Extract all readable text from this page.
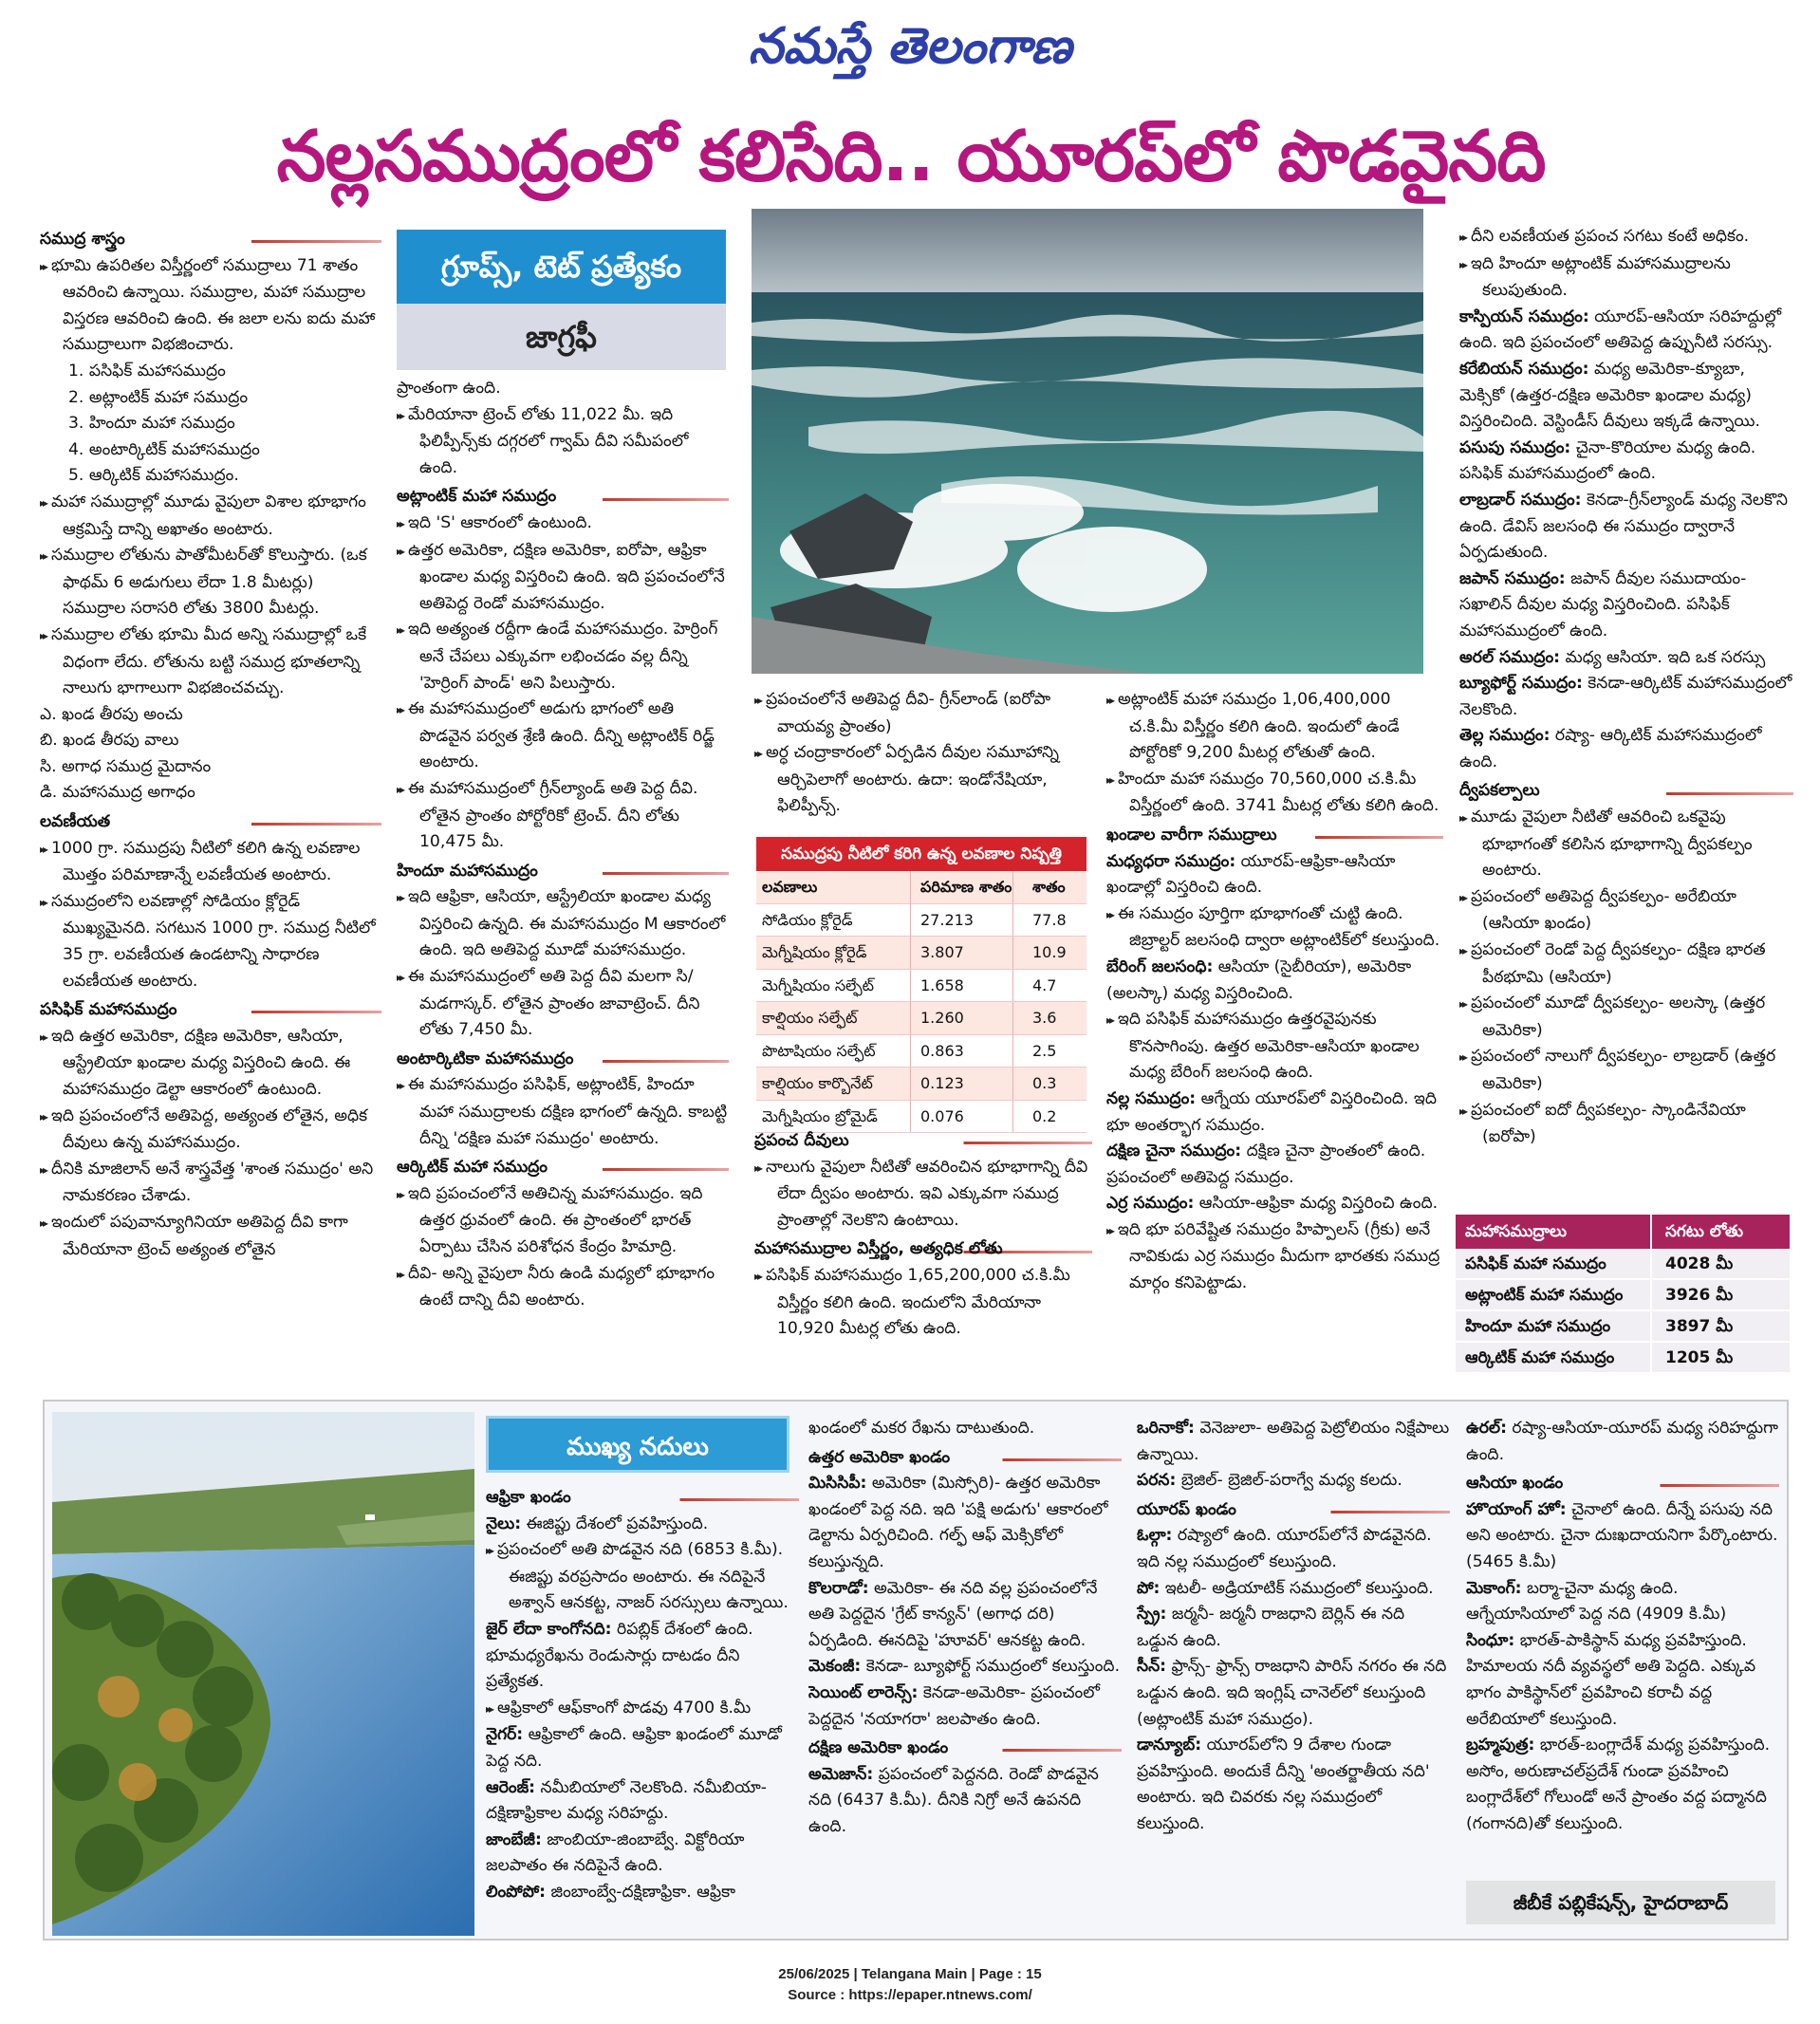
నమస్తే తెలంగాణ
నల్లసముద్రంలో కలిసేది.. యూరప్‌లో పొడవైనది
సముద్ర శాస్త్రం
▸▸ భూమి ఉపరితల విస్తీర్ణంలో సముద్రాలు 71 శాతం ఆవరించి ఉన్నాయి. సముద్రాల, మహా సముద్రాల విస్తరణ ఆవరించి ఉంది. ఈ జలా లను ఐదు మహా సముద్రాలుగా విభజించారు.
1. పసిఫిక్ మహాసముద్రం
2. అట్లాంటిక్ మహా సముద్రం
3. హిందూ మహా సముద్రం
4. అంటార్కిటిక్ మహాసముద్రం
5. ఆర్కిటిక్ మహాసముద్రం.
▸▸ మహా సముద్రాల్లో మూడు వైపులా విశాల భూభాగం ఆక్రమిస్తే దాన్ని అఖాతం అంటారు.
▸▸ సముద్రాల లోతును పాతోమీటర్‌తో కొలుస్తారు. (ఒక ఫాథమ్ 6 అడుగులు లేదా 1.8 మీటర్లు) సముద్రాల సరాసరి లోతు 3800 మీటర్లు.
▸▸ సముద్రాల లోతు భూమి మీద అన్ని సముద్రాల్లో ఒకే విధంగా లేదు. లోతును బట్టి సముద్ర భూతలాన్ని నాలుగు భాగాలుగా విభజించవచ్చు.
ఎ. ఖండ తీరపు అంచు
బి. ఖండ తీరపు వాలు
సి. అగాధ సముద్ర మైదానం
డి. మహాసముద్ర అగాధం
లవణీయత
▸▸ 1000 గ్రా. సముద్రపు నీటిలో కలిగి ఉన్న లవణాల మొత్తం పరిమాణాన్నే లవణీయత అంటారు.
▸▸ సముద్రంలోని లవణాల్లో సోడియం క్లోరైడ్ ముఖ్యమైనది. సగటున 1000 గ్రా. సముద్ర నీటిలో 35 గ్రా. లవణీయత ఉండటాన్ని సాధారణ లవణీయత అంటారు.
పసిఫిక్ మహాసముద్రం
▸▸ ఇది ఉత్తర అమెరికా, దక్షిణ అమెరికా, ఆసియా, ఆస్ట్రేలియా ఖండాల మధ్య విస్తరించి ఉంది. ఈ మహాసముద్రం డెల్టా ఆకారంలో ఉంటుంది.
▸▸ ఇది ప్రపంచంలోనే అతిపెద్ద, అత్యంత లోతైన, అధిక దీవులు ఉన్న మహాసముద్రం.
▸▸ దీనికి మాజిలాన్ అనే శాస్త్రవేత్త 'శాంత సముద్రం' అని నామకరణం చేశాడు.
▸▸ ఇందులో పపువాన్యూగినియా అతిపెద్ద దీవి కాగా మేరియానా ట్రెంచ్ అత్యంత లోతైన
గ్రూప్స్, టెట్ ప్రత్యేకం
జాగ్రఫీ
ప్రాంతంగా ఉంది.
▸▸ మేరియానా ట్రెంచ్ లోతు 11,022 మీ. ఇది ఫిలిప్పీన్స్‌కు దగ్గరలో గ్వామ్ దీవి సమీపంలో ఉంది.
అట్లాంటిక్ మహా సముద్రం
▸▸ ఇది 'S' ఆకారంలో ఉంటుంది.
▸▸ ఉత్తర అమెరికా, దక్షిణ అమెరికా, ఐరోపా, ఆఫ్రికా ఖండాల మధ్య విస్తరించి ఉంది. ఇది ప్రపంచంలోనే అతిపెద్ద రెండో మహాసముద్రం.
▸▸ ఇది అత్యంత రద్దీగా ఉండే మహాసముద్రం. హెర్రింగ్ అనే చేపలు ఎక్కువగా లభించడం వల్ల దీన్ని 'హెర్రింగ్ పాండ్' అని పిలుస్తారు.
▸▸ ఈ మహాసముద్రంలో అడుగు భాగంలో అతి పొడవైన పర్వత శ్రేణి ఉంది. దీన్ని అట్లాంటిక్ రిడ్జ్ అంటారు.
▸▸ ఈ మహాసముద్రంలో గ్రీన్‌ల్యాండ్ అతి పెద్ద దీవి. లోతైన ప్రాంతం పోర్టోరికో ట్రెంచ్. దీని లోతు 10,475 మీ.
హిందూ మహాసముద్రం
▸▸ ఇది ఆఫ్రికా, ఆసియా, ఆస్ట్రేలియా ఖండాల మధ్య విస్తరించి ఉన్నది. ఈ మహాసముద్రం M ఆకారంలో ఉంది. ఇది అతిపెద్ద మూడో మహాసముద్రం.
▸▸ ఈ మహాసముద్రంలో అతి పెద్ద దీవి మలగా సి/మడగాస్కర్. లోతైన ప్రాంతం జావాట్రెంచ్. దీని లోతు 7,450 మీ.
అంటార్కిటికా మహాసముద్రం
▸▸ ఈ మహాసముద్రం పసిఫిక్, అట్లాంటిక్, హిందూ మహా సముద్రాలకు దక్షిణ భాగంలో ఉన్నది. కాబట్టి దీన్ని 'దక్షిణ మహా సముద్రం' అంటారు.
ఆర్కిటిక్ మహా సముద్రం
▸▸ ఇది ప్రపంచంలోనే అతిచిన్న మహాసముద్రం. ఇది ఉత్తర ధ్రువంలో ఉంది. ఈ ప్రాంతంలో భారత్ ఏర్పాటు చేసిన పరిశోధన కేంద్రం హిమాద్రి.
▸▸ దీవి- అన్ని వైపులా నీరు ఉండి మధ్యలో భూభాగం ఉంటే దాన్ని దీవి అంటారు.
▸▸ ప్రపంచంలోనే అతిపెద్ద దీవి- గ్రీన్‌లాండ్ (ఐరోపా వాయవ్య ప్రాంతం)
▸▸ అర్ధ చంద్రాకారంలో ఏర్పడిన దీవుల సమూహాన్ని ఆర్చిపెలాగో అంటారు. ఉదా: ఇండోనేషియా, ఫిలిప్పీన్స్.
సముద్రపు నీటిలో కరిగి ఉన్న లవణాల నిష్పత్తి
లవణాలు	పరిమాణ శాతం	శాతం
సోడియం క్లోరైడ్	27.213	77.8
మెగ్నీషియం క్లోరైడ్	3.807	10.9
మెగ్నీషియం సల్ఫేట్	1.658	4.7
కాల్షియం సల్ఫేట్	1.260	3.6
పొటాషియం సల్ఫేట్	0.863	2.5
కాల్షియం కార్బొనేట్	0.123	0.3
మెగ్నీషియం బ్రోమైడ్	0.076	0.2
ప్రపంచ దీవులు
▸▸ నాలుగు వైపులా నీటితో ఆవరించిన భూభాగాన్ని దీవి లేదా ద్వీపం అంటారు. ఇవి ఎక్కువగా సముద్ర ప్రాంతాల్లో నెలకొని ఉంటాయి.
మహాసముద్రాల విస్తీర్ణం, అత్యధిక లోతు
▸▸ పసిఫిక్ మహాసముద్రం 1,65,200,000 చ.కి.మీ విస్తీర్ణం కలిగి ఉంది. ఇందులోని మేరియానా 10,920 మీటర్ల లోతు ఉంది.
▸▸ అట్లాంటిక్ మహా సముద్రం 1,06,400,000 చ.కి.మీ విస్తీర్ణం కలిగి ఉంది. ఇందులో ఉండే పోర్టోరికో 9,200 మీటర్ల లోతుతో ఉంది.
▸▸ హిందూ మహా సముద్రం 70,560,000 చ.కి.మీ విస్తీర్ణంలో ఉంది. 3741 మీటర్ల లోతు కలిగి ఉంది.
ఖండాల వారీగా సముద్రాలు
మధ్యధరా సముద్రం: యూరప్-ఆఫ్రికా-ఆసియా ఖండాల్లో విస్తరించి ఉంది.
▸▸ ఈ సముద్రం పూర్తిగా భూభాగంతో చుట్టి ఉంది. జిబ్రాల్టర్ జలసంధి ద్వారా అట్లాంటిక్‌లో కలుస్తుంది.
బేరింగ్ జలసంధి: ఆసియా (సైబీరియా), అమెరికా (అలస్కా) మధ్య విస్తరించింది.
▸▸ ఇది పసిఫిక్ మహాసముద్రం ఉత్తరవైపునకు కొనసాగింపు. ఉత్తర అమెరికా-ఆసియా ఖండాల మధ్య బేరింగ్ జలసంధి ఉంది.
నల్ల సముద్రం: ఆగ్నేయ యూరప్‌లో విస్తరించింది. ఇది భూ అంతర్భాగ సముద్రం.
దక్షిణ చైనా సముద్రం: దక్షిణ చైనా ప్రాంతంలో ఉంది. ప్రపంచంలో అతిపెద్ద సముద్రం.
ఎర్ర సముద్రం: ఆసియా-ఆఫ్రికా మధ్య విస్తరించి ఉంది.
▸▸ ఇది భూ పరివేష్టిత సముద్రం హిప్పాలస్ (గ్రీకు) అనే నావికుడు ఎర్ర సముద్రం మీదుగా భారతకు సముద్ర మార్గం కనిపెట్టాడు.
▸▸ దీని లవణీయత ప్రపంచ సగటు కంటే అధికం.
▸▸ ఇది హిందూ అట్లాంటిక్ మహాసముద్రాలను కలుపుతుంది.
కాస్పియన్ సముద్రం: యూరప్-ఆసియా సరిహద్దుల్లో ఉంది. ఇది ప్రపంచంలో అతిపెద్ద ఉప్పునీటి సరస్సు.
కరేబియన్ సముద్రం: మధ్య అమెరికా-క్యూబా, మెక్సికో (ఉత్తర-దక్షిణ అమెరికా ఖండాల మధ్య) విస్తరించింది. వెస్టిండీస్ దీవులు ఇక్కడే ఉన్నాయి.
పసుపు సముద్రం: చైనా-కొరియాల మధ్య ఉంది. పసిఫిక్ మహాసముద్రంలో ఉంది.
లాబ్రడార్ సముద్రం: కెనడా-గ్రీన్‌ల్యాండ్ మధ్య నెలకొని ఉంది. డేవిస్ జలసంధి ఈ సముద్రం ద్వారానే ఏర్పడుతుంది.
జపాన్ సముద్రం: జపాన్ దీవుల సముదాయం-సఖాలిన్ దీవుల మధ్య విస్తరించింది. పసిఫిక్ మహాసముద్రంలో ఉంది.
అరల్ సముద్రం: మధ్య ఆసియా. ఇది ఒక సరస్సు
బ్యూఫోర్ట్ సముద్రం: కెనడా-ఆర్కిటిక్ మహాసముద్రంలో నెలకొంది.
తెల్ల సముద్రం: రష్యా- ఆర్కిటిక్ మహాసముద్రంలో ఉంది.
ద్వీపకల్పాలు
▸▸ మూడు వైపులా నీటితో ఆవరించి ఒకవైపు భూభాగంతో కలిసిన భూభాగాన్ని ద్వీపకల్పం అంటారు.
▸▸ ప్రపంచంలో అతిపెద్ద ద్వీపకల్పం- అరేబియా (ఆసియా ఖండం)
▸▸ ప్రపంచంలో రెండో పెద్ద ద్వీపకల్పం- దక్షిణ భారత పీఠభూమి (ఆసియా)
▸▸ ప్రపంచంలో మూడో ద్వీపకల్పం- అలస్కా (ఉత్తర అమెరికా)
▸▸ ప్రపంచంలో నాలుగో ద్వీపకల్పం- లాబ్రడార్ (ఉత్తర అమెరికా)
▸▸ ప్రపంచంలో ఐదో ద్వీపకల్పం- స్కాండినేవియా (ఐరోపా)
మహాసముద్రాలు	సగటు లోతు
పసిఫిక్ మహా సముద్రం	4028 మీ
అట్లాంటిక్ మహా సముద్రం	3926 మీ
హిందూ మహా సముద్రం	3897 మీ
ఆర్కిటిక్ మహా సముద్రం	1205 మీ
ముఖ్య నదులు
ఆఫ్రికా ఖండం
నైలు: ఈజిప్టు దేశంలో ప్రవహిస్తుంది.
▸▸ ప్రపంచంలో అతి పొడవైన నది (6853 కి.మీ). ఈజిప్టు వరప్రసాదం అంటారు. ఈ నదిపైనే అశ్వాన్ ఆనకట్ట, నాజర్ సరస్సులు ఉన్నాయి.
జైర్ లేదా కాంగోనది: రిపబ్లిక్ దేశంలో ఉంది. భూమధ్యరేఖను రెండుసార్లు దాటడం దీని ప్రత్యేకత.
▸▸ ఆఫ్రికాలో ఆఫ్‌కాంగో పొడవు 4700 కి.మీ
నైగర్: ఆఫ్రికాలో ఉంది. ఆఫ్రికా ఖండంలో మూడో పెద్ద నది.
ఆరెంజ్: నమీబియాలో నెలకొంది. నమీబియా-దక్షిణాఫ్రికాల మధ్య సరిహద్దు.
జాంబేజీ: జాంబియా-జింబాబ్వే. విక్టోరియా జలపాతం ఈ నదిపైనే ఉంది.
లింపోపో: జింబాంబ్వే-దక్షిణాఫ్రికా. ఆఫ్రికా
ఖండంలో మకర రేఖను దాటుతుంది.
ఉత్తర అమెరికా ఖండం
మిసిసిపీ: అమెరికా (మిస్సోరి)- ఉత్తర అమెరికా ఖండంలో పెద్ద నది. ఇది 'పక్షి అడుగు' ఆకారంలో డెల్టాను ఏర్పరిచింది. గల్ఫ్ ఆఫ్ మెక్సికోలో కలుస్తున్నది.
కొలరాడో: అమెరికా- ఈ నది వల్ల ప్రపంచంలోనే అతి పెద్దదైన 'గ్రేట్ కాన్యన్' (అగాధ దరి) ఏర్పడింది. ఈనదిపై 'హూవర్' ఆనకట్ట ఉంది.
మెకంజీ: కెనడా- బ్యూఫోర్ట్ సముద్రంలో కలుస్తుంది.
సెయింట్ లారెన్స్: కెనడా-అమెరికా- ప్రపంచంలో పెద్దదైన 'నయాగరా' జలపాతం ఉంది.
దక్షిణ అమెరికా ఖండం
అమెజాన్: ప్రపంచంలో పెద్దనది. రెండో పొడవైన నది (6437 కి.మీ). దీనికి నిగ్రో అనే ఉపనది ఉంది.
ఒరినాకో: వెనెజులా- అతిపెద్ద పెట్రోలియం నిక్షేపాలు ఉన్నాయి.
పరన: బ్రెజిల్- బ్రెజిల్-పరాగ్వే మధ్య కలదు.
యూరప్ ఖండం
ఓల్గా: రష్యాలో ఉంది. యూరప్‌లోనే పొడవైనది. ఇది నల్ల సముద్రంలో కలుస్తుంది.
పో: ఇటలీ- అడ్రియాటిక్ సముద్రంలో కలుస్తుంది.
స్ప్రే: జర్మనీ- జర్మనీ రాజధాని బెర్లిన్ ఈ నది ఒడ్డున ఉంది.
సీన్: ఫ్రాన్స్- ఫ్రాన్స్ రాజధాని పారిస్ నగరం ఈ నది ఒడ్డున ఉంది. ఇది ఇంగ్లిష్ చానెల్‌లో కలుస్తుంది (అట్లాంటిక్ మహా సముద్రం).
డాన్యూబ్: యూరప్‌లోని 9 దేశాల గుండా ప్రవహిస్తుంది. అందుకే దీన్ని 'అంతర్జాతీయ నది' అంటారు. ఇది చివరకు నల్ల సముద్రంలో కలుస్తుంది.
ఉరల్: రష్యా-ఆసియా-యూరప్ మధ్య సరిహద్దుగా ఉంది.
ఆసియా ఖండం
హొయాంగ్ హో: చైనాలో ఉంది. దీన్నే పసుపు నది అని అంటారు. చైనా దుఃఖదాయనిగా పేర్కొంటారు. (5465 కి.మీ)
మెకాంగ్: బర్మా-చైనా మధ్య ఉంది. ఆగ్నేయాసియాలో పెద్ద నది (4909 కి.మీ)
సింధూ: భారత్-పాకిస్థాన్ మధ్య ప్రవహిస్తుంది. హిమాలయ నదీ వ్యవస్థలో అతి పెద్దది. ఎక్కువ భాగం పాకిస్థాన్‌లో ప్రవహించి కరాచీ వద్ద అరేబియాలో కలుస్తుంది.
బ్రహ్మపుత్ర: భారత్-బంగ్లాదేశ్ మధ్య ప్రవహిస్తుంది. అసోం, అరుణాచల్‌ప్రదేశ్ గుండా ప్రవహించి బంగ్లాదేశ్‌లో గోలుండో అనే ప్రాంతం వద్ద పద్మానది (గంగానది)తో కలుస్తుంది.
జీబీకే పబ్లికేషన్స్, హైదరాబాద్
25/06/2025 | Telangana Main | Page : 15
Source : https://epaper.ntnews.com/
